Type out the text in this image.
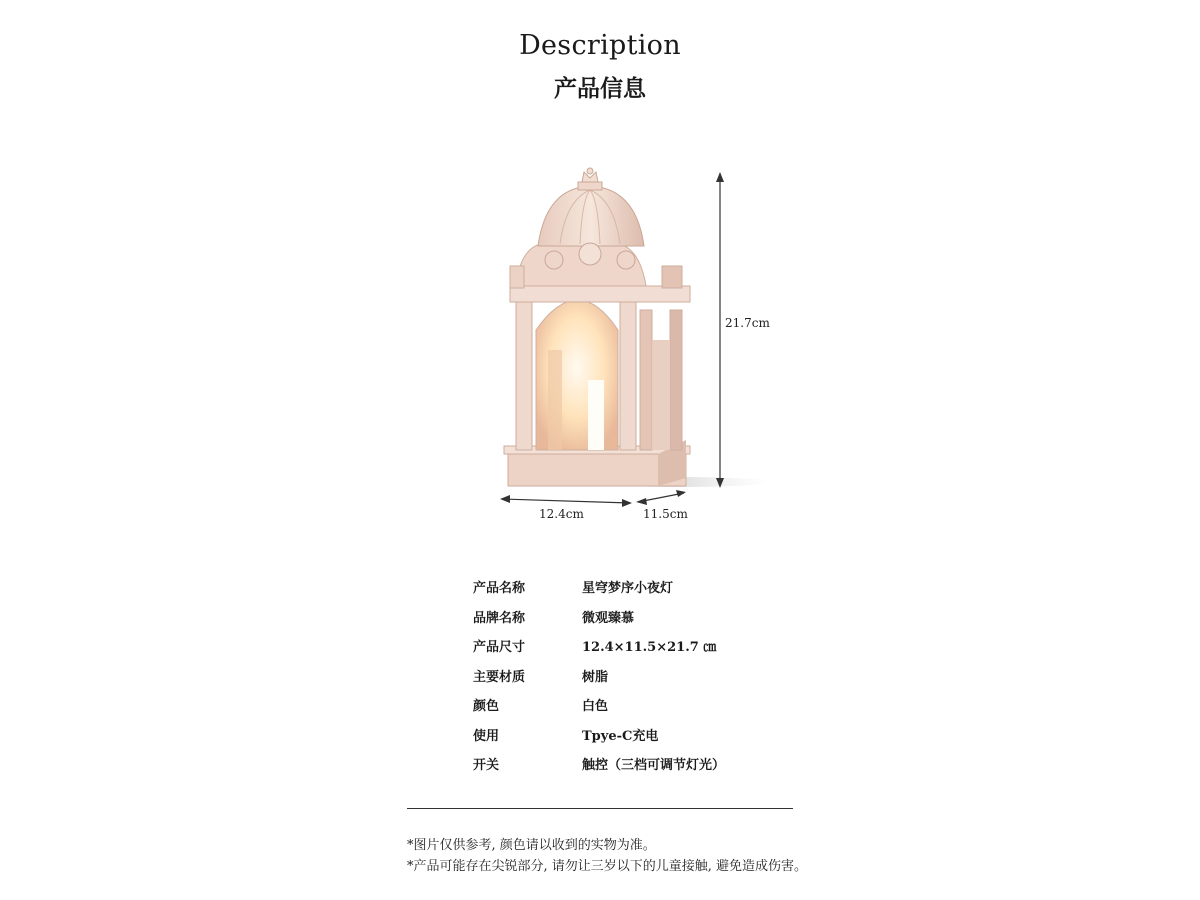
Description
产品信息
21.7cm
12.4cm	11.5cm
产品名称	星穹梦序小夜灯
品牌名称	微观臻慕
产品尺寸	12.4×11.5×21.7 ㎝
主要材质	树脂
颜色	白色
使用	Tpye-C充电
开关	触控（三档可调节灯光）
*图片仅供参考, 颜色请以收到的实物为准。
*产品可能存在尖锐部分, 请勿让三岁以下的儿童接触, 避免造成伤害。
